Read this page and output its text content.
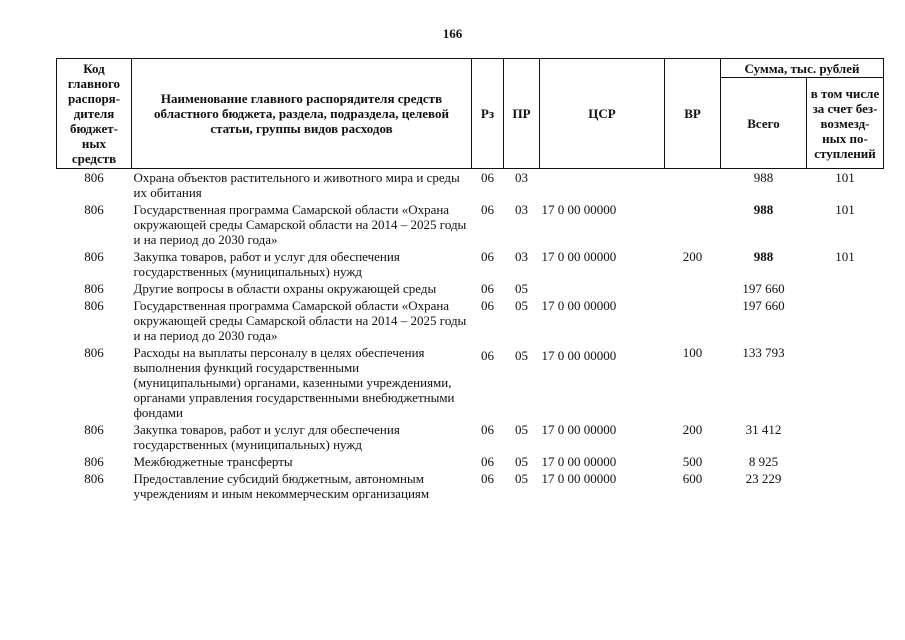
166
Код главного распоря-дителя бюджет-ных средств	Наименование главного распорядителя средств областного бюджета, раздела, подраздела, целевой статьи, группы видов расходов	Рз	ПР	ЦСР	ВР	Сумма, тыс. рублей	
						Всего	в том числе за счет без-возмезд-ных по-ступлений
806	Охрана объектов растительного и животного мира и среды их обитания	06	03			988	101
806	Государственная программа Самарской области «Охрана окружающей среды Самарской области на 2014 – 2025 годы и на период до 2030 года»	06	03	17 0 00 00000		988	101
806	Закупка товаров, работ и услуг для обеспечения государственных (муниципальных) нужд	06	03	17 0 00 00000	200	988	101
806	Другие вопросы в области охраны окружающей среды	06	05			197 660	
806	Государственная программа Самарской области «Охрана окружающей среды Самарской области на 2014 – 2025 годы и на период до 2030 года»	06	05	17 0 00 00000		197 660	
806	Расходы на выплаты персоналу в целях обеспечения выполнения функций государственными (муниципальными) органами, казенными учреждениями, органами управления государственными внебюджетными фондами	06	05	17 0 00 00000	100	133 793	
806	Закупка товаров, работ и услуг для обеспечения государственных (муниципальных) нужд	06	05	17 0 00 00000	200	31 412	
806	Межбюджетные трансферты	06	05	17 0 00 00000	500	8 925	
806	Предоставление субсидий бюджетным, автономным учреждениям и иным некоммерческим организациям	06	05	17 0 00 00000	600	23 229	
